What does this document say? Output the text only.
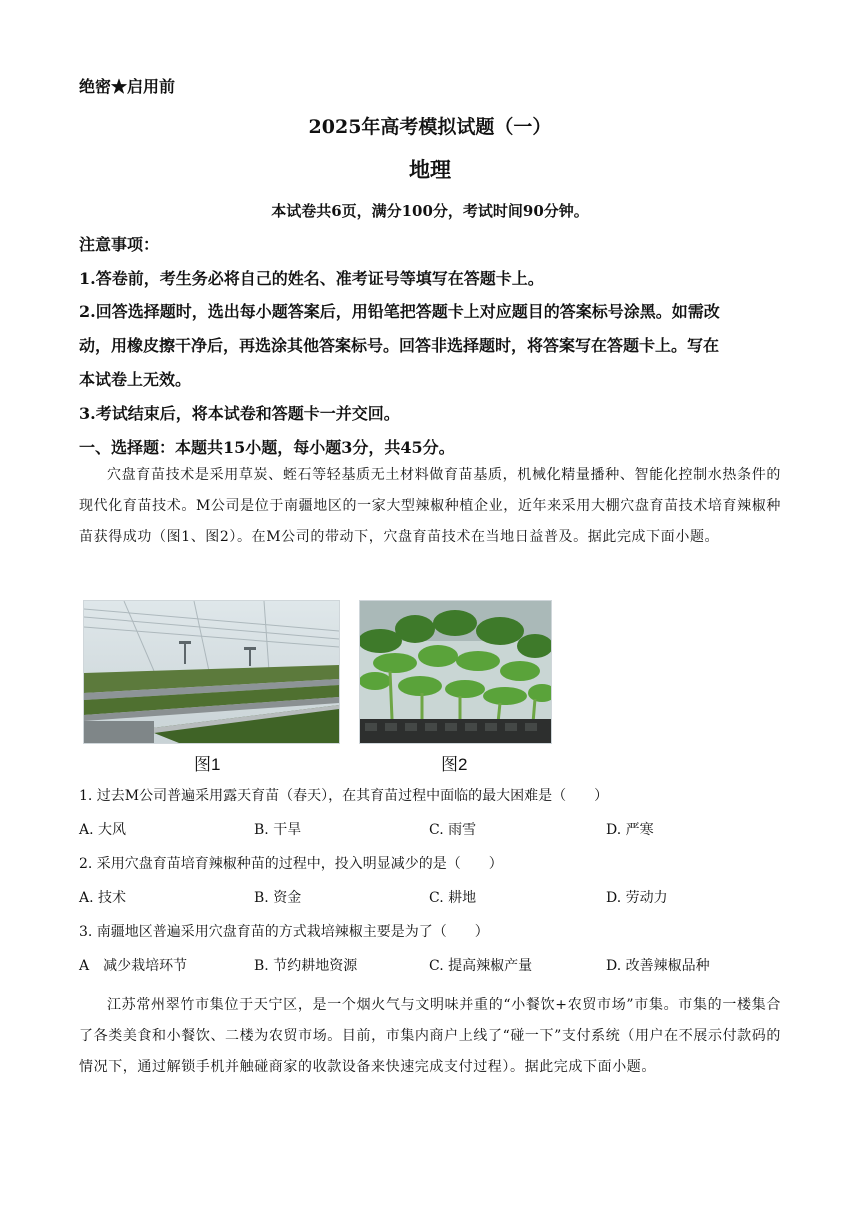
绝密★启用前
2025年高考模拟试题（一）
地理
本试卷共6页，满分100分，考试时间90分钟。
注意事项：
1.答卷前，考生务必将自己的姓名、准考证号等填写在答题卡上。
2.回答选择题时，选出每小题答案后，用铅笔把答题卡上对应题目的答案标号涂黑。如需改
动，用橡皮擦干净后，再选涂其他答案标号。回答非选择题时，将答案写在答题卡上。写在
本试卷上无效。
3.考试结束后，将本试卷和答题卡一并交回。
一、选择题：本题共15小题，每小题3分，共45分。

穴盘育苗技术是采用草炭、蛭石等轻基质无土材料做育苗基质，机械化精量播种、智能化控制水热条件的现代化育苗技术。M公司是位于南疆地区的一家大型辣椒种植企业，近年来采用大棚穴盘育苗技术培育辣椒种苗获得成功（图1、图2）。在M公司的带动下，穴盘育苗技术在当地日益普及。据此完成下面小题。

图1	图2
1. 过去M公司普遍采用露天育苗（春天），在其育苗过程中面临的最大困难是（　　）
A. 大风	B. 干旱	C. 雨雪	D. 严寒
2. 采用穴盘育苗培育辣椒种苗的过程中，投入明显减少的是（　　）
A. 技术	B. 资金	C. 耕地	D. 劳动力
3. 南疆地区普遍采用穴盘育苗的方式栽培辣椒主要是为了（　　）
A　减少栽培环节	B. 节约耕地资源	C. 提高辣椒产量	D. 改善辣椒品种

江苏常州翠竹市集位于天宁区，是一个烟火气与文明味并重的“小餐饮+农贸市场”市集。市集的一楼集合了各类美食和小餐饮、二楼为农贸市场。目前，市集内商户上线了“碰一下”支付系统（用户在不展示付款码的情况下，通过解锁手机并触碰商家的收款设备来快速完成支付过程）。据此完成下面小题。
